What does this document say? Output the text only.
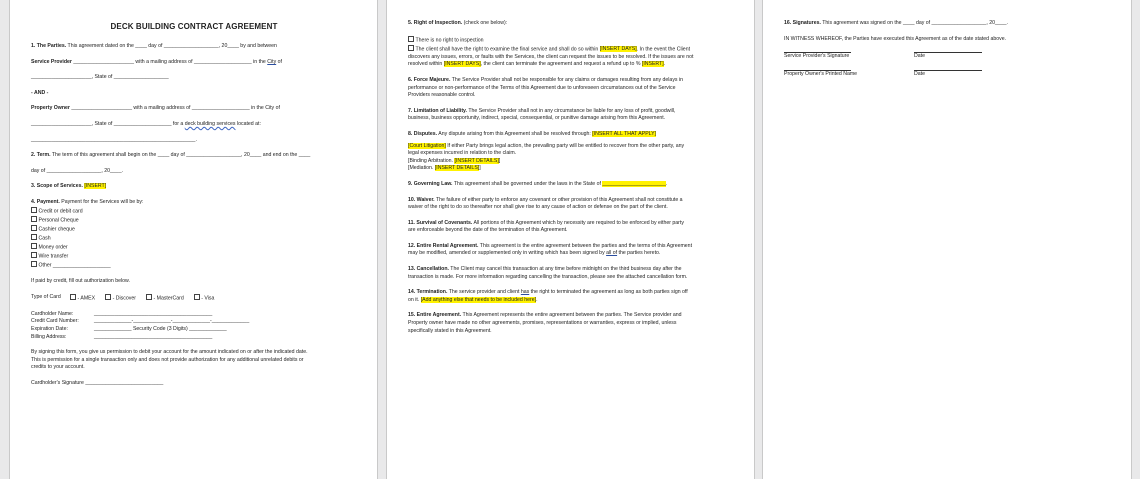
DECK BUILDING CONTRACT AGREEMENT
1. The Parties. This agreement dated on the ____ day of ___________________, 20____ by and between
Service Provider _____________________ with a mailing address of ____________________ in the City of
_____________________, State of ___________________
- AND -
Property Owner _____________________ with a mailing address of ____________________ in the City of
_____________________, State of ____________________ for a deck building services located at:
_________________________________________________________.
2. Term. The term of this agreement shall begin on the ____ day of ___________________, 20____ and end on the ____
day of ___________________, 20____.
3. Scope of Services. [INSERT]
4. Payment. Payment for the Services will be by:
Credit or debit card
Personal Cheque
Cashier cheque
Cash
Money order
Wire transfer
Other ____________________
If paid by credit, fill out authorization below.
Type of Card	- AMEX	- Discover	- MasterCard	- Visa
Cardholder Name:	_________________________________________
Credit Card Number:	_____________-_____________-_____________-_____________
Expiration Date:	_____________ Security Code (3 Digits) _____________
Billing Address:	_________________________________________
By signing this form, you give us permission to debit your account for the amount indicated on or after the indicated date.
This is permission for a single transaction only and does not provide authorization for any additional unrelated debits or
credits to your account.
Cardholder's Signature ___________________________
5. Right of Inspection. (check one below):
There is no right to inspection
The client shall have the right to examine the final service and shall do so within [INSERT DAYS]. In the event the Client
discovers any issues, errors, or faults with the Services, the client can request the issues to be resolved. If the issues are not
resolved within [INSERT DAYS], the client can terminate the agreement and request a refund up to % [INSERT].
6. Force Majeure. The Service Provider shall not be responsible for any claims or damages resulting from any delays in
performance or non-performance of the Terms of this Agreement due to unforeseen circumstances out of the Service
Providers reasonable control.
7. Limitation of Liability. The Service Provider shall not in any circumstance be liable for any loss of profit, goodwill,
business, business opportunity, indirect, special, consequential, or punitive damage arising from this Agreement.
8. Disputes. Any dispute arising from this Agreement shall be resolved through: [INSERT ALL THAT APPLY]
[Court Litigation] If either Party brings legal action, the prevailing party will be entitled to recover from the other party, any
legal expenses incurred in relation to the claim.
[Binding Arbitration. [INSERT DETAILS]]
[Mediation. [INSERT DETAILS]]
9. Governing Law. This agreement shall be governed under the laws in the State of ______________________.
10. Waiver. The failure of either party to enforce any covenant or other provision of this Agreement shall not constitute a
waiver of the right to do so thereafter nor shall give rise to any cause of action or defense on the part of the client.
11. Survival of Covenants. All portions of this Agreement which by necessity are required to be enforced by either party
are enforceable beyond the date of the termination of this Agreement.
12. Entire Rental Agreement. This agreement is the entire agreement between the parties and the terms of this Agreement
may be modified, amended or supplemented only in writing which has been signed by all of the parties hereto.
13. Cancellation. The Client may cancel this transaction at any time before midnight on the third business day after the
transaction is made. For more information regarding cancelling the transaction, please see the attached cancellation form.
14. Termination. The service provider and client has the right to terminated the agreement as long as both parties sign off
on it. [Add anything else that needs to be included here].
15. Entire Agreement. This Agreement represents the entire agreement between the parties. The Service provider and
Property owner have made no other agreements, promises, representations or warranties, express or implied, unless
specifically stated in this Agreement.
16. Signatures. This agreement was signed on the ____ day of ___________________, 20____.
IN WITNESS WHEREOF, the Parties have executed this Agreement as of the date stated above.
Service Provider's Signature	Date
Property Owner's Printed Name	Date
